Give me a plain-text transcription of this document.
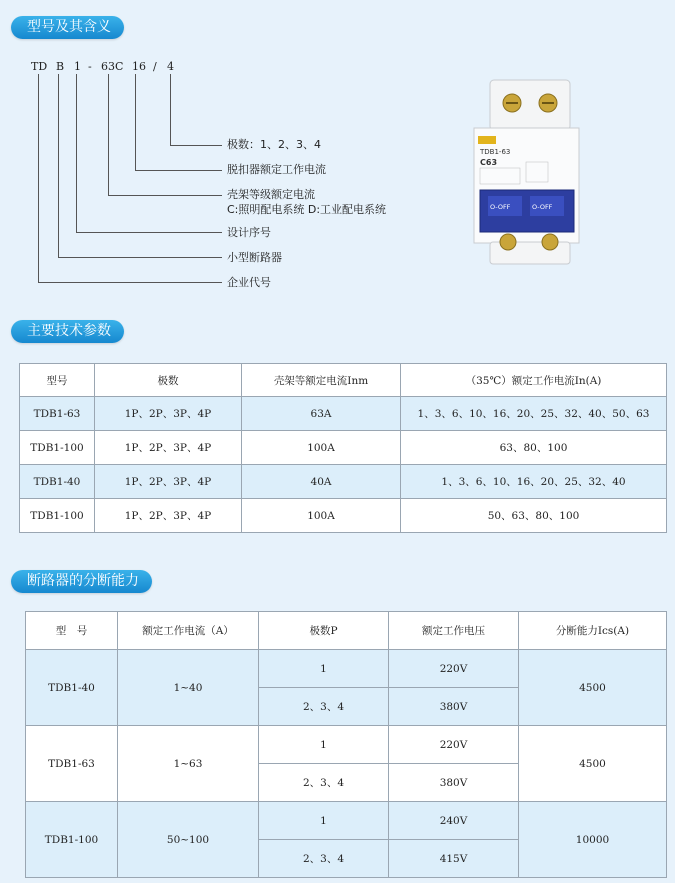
型号及其含义
TD B 1 - 63C 16 / 4
极数：1、2、3、4
脱扣器额定工作电流
壳架等级额定电流
C:照明配电系统 D:工业配电系统
设计序号
小型断路器
企业代号
TDB1-63
C63
O-OFF	O-OFF
主要技术参数
型号	极数	壳架等额定电流Inm	（35℃）额定工作电流In(A)
TDB1-63	1P、2P、3P、4P	63A	1、3、6、10、16、20、25、32、40、50、63
TDB1-100	1P、2P、3P、4P	100A	63、80、100
TDB1-40	1P、2P、3P、4P	40A	1、3、6、10、16、20、25、32、40
TDB1-100	1P、2P、3P、4P	100A	50、63、80、100
断路器的分断能力
型　号	额定工作电流（A）	极数P	额定工作电压	分断能力Ics(A)
TDB1-40	1~40	1	220V	4500
		2、3、4	380V	
TDB1-63	1~63	1	220V	4500
		2、3、4	380V	
TDB1-100	50~100	1	240V	10000
		2、3、4	415V	
